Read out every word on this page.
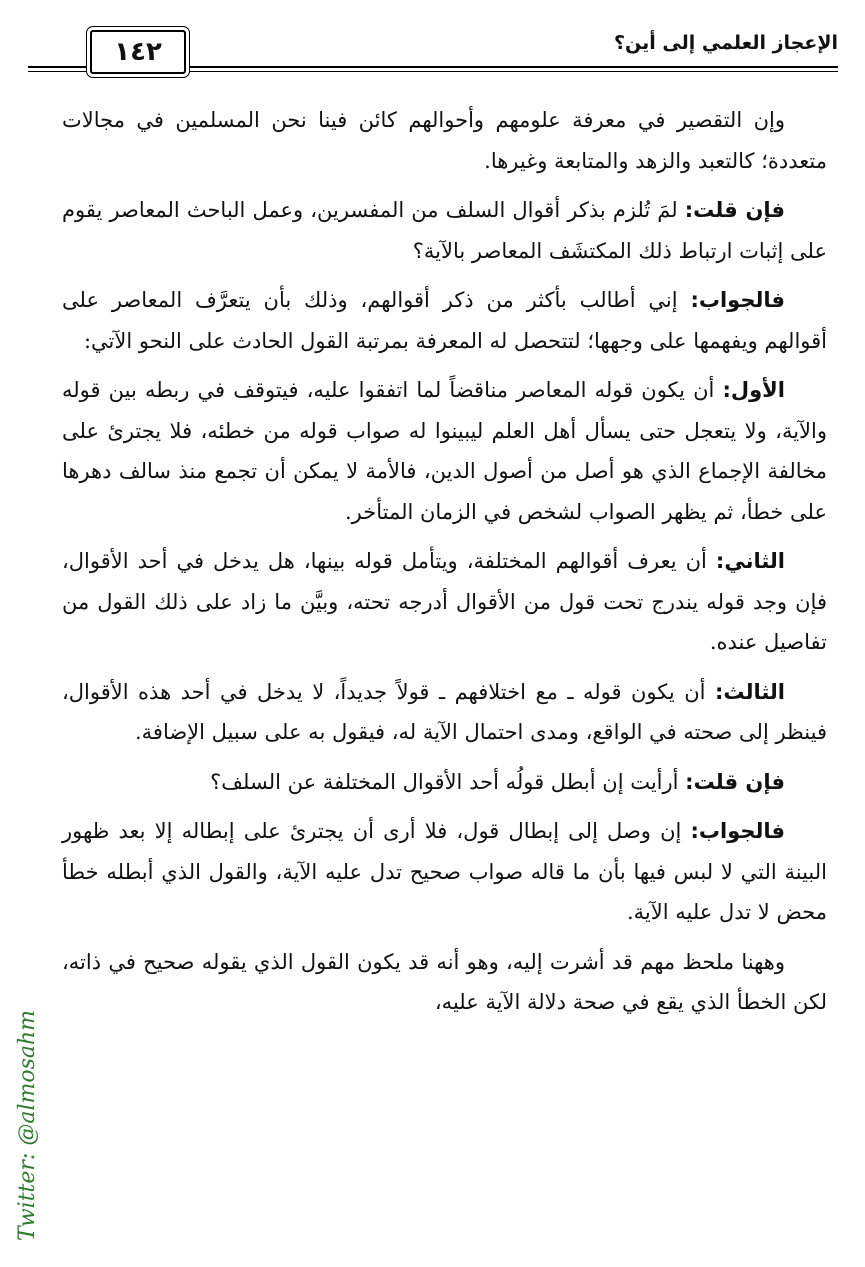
الإعجاز العلمي إلى أين؟
١٤٢

وإن التقصير في معرفة علومهم وأحوالهم كائن فينا نحن المسلمين في مجالات متعددة؛ كالتعبد والزهد والمتابعة وغيرها.

فإن قلت: لمَ تُلزم بذكر أقوال السلف من المفسرين، وعمل الباحث المعاصر يقوم على إثبات ارتباط ذلك المكتشَف المعاصر بالآية؟

فالجواب: إني أطالب بأكثر من ذكر أقوالهم، وذلك بأن يتعرَّف المعاصر على أقوالهم ويفهمها على وجهها؛ لتتحصل له المعرفة بمرتبة القول الحادث على النحو الآتي:

الأول: أن يكون قوله المعاصر مناقضاً لما اتفقوا عليه، فيتوقف في ربطه بين قوله والآية، ولا يتعجل حتى يسأل أهل العلم ليبينوا له صواب قوله من خطئه، فلا يجترئ على مخالفة الإجماع الذي هو أصل من أصول الدين، فالأمة لا يمكن أن تجمع منذ سالف دهرها على خطأ، ثم يظهر الصواب لشخص في الزمان المتأخر.

الثاني: أن يعرف أقوالهم المختلفة، ويتأمل قوله بينها، هل يدخل في أحد الأقوال، فإن وجد قوله يندرج تحت قول من الأقوال أدرجه تحته، وبيَّن ما زاد على ذلك القول من تفاصيل عنده.

الثالث: أن يكون قوله ـ مع اختلافهم ـ قولاً جديداً، لا يدخل في أحد هذه الأقوال، فينظر إلى صحته في الواقع، ومدى احتمال الآية له، فيقول به على سبيل الإضافة.

فإن قلت: أرأيت إن أبطل قولُه أحد الأقوال المختلفة عن السلف؟

فالجواب: إن وصل إلى إبطال قول، فلا أرى أن يجترئ على إبطاله إلا بعد ظهور البينة التي لا لبس فيها بأن ما قاله صواب صحيح تدل عليه الآية، والقول الذي أبطله خطأ محض لا تدل عليه الآية.

وههنا ملحظ مهم قد أشرت إليه، وهو أنه قد يكون القول الذي يقوله صحيح في ذاته، لكن الخطأ الذي يقع في صحة دلالة الآية عليه،

Twitter: @almosahm
